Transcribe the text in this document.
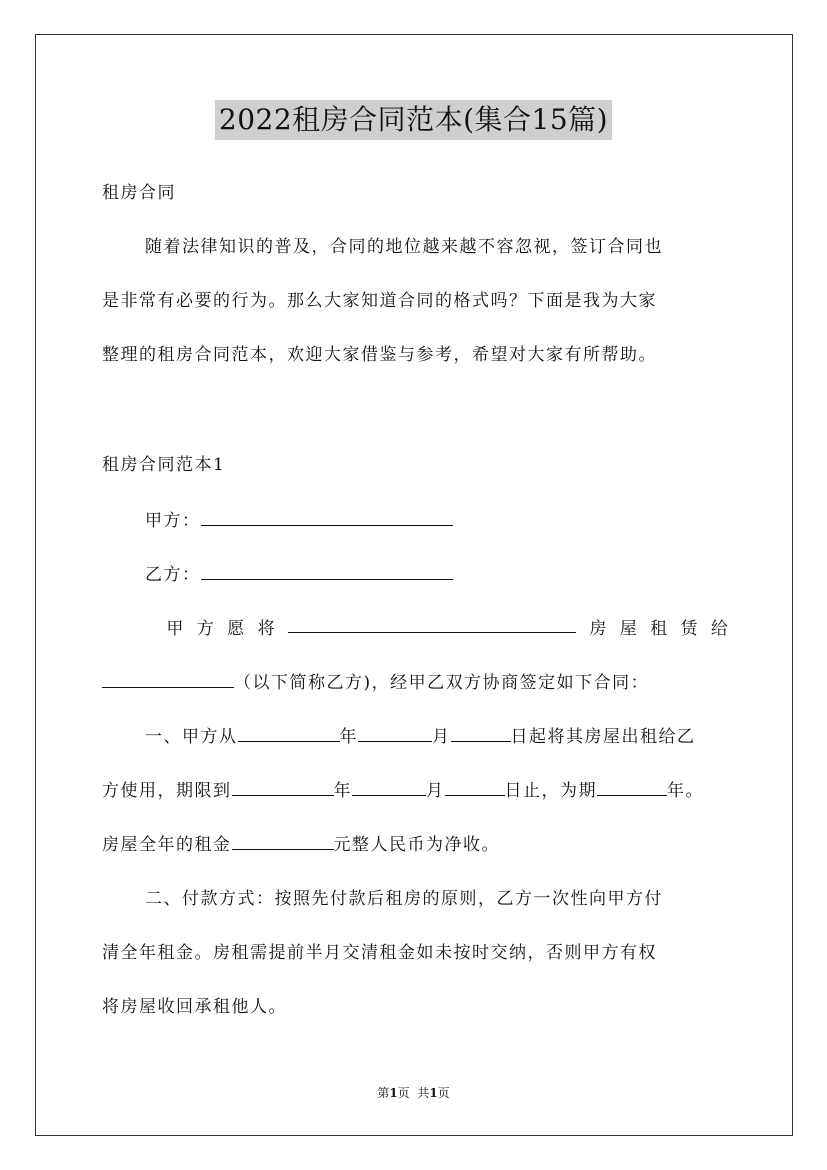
2022租房合同范本(集合15篇)
租房合同
随着法律知识的普及，合同的地位越来越不容忽视，签订合同也
是非常有必要的行为。那么大家知道合同的格式吗？下面是我为大家
整理的租房合同范本，欢迎大家借鉴与参考，希望对大家有所帮助。
租房合同范本1
甲方：
乙方：
甲 方 愿 将	房 屋 租 赁 给
（以下简称乙方)，经甲乙双方协商签定如下合同：
一、甲方从	年	月	日起将其房屋出租给乙
方使用，期限到	年	月	日止，为期	年。
房屋全年的租金	元整人民币为净收。
二、付款方式：按照先付款后租房的原则，乙方一次性向甲方付
清全年租金。房租需提前半月交清租金如未按时交纳，否则甲方有权
将房屋收回承租他人。
第1页  共1页
